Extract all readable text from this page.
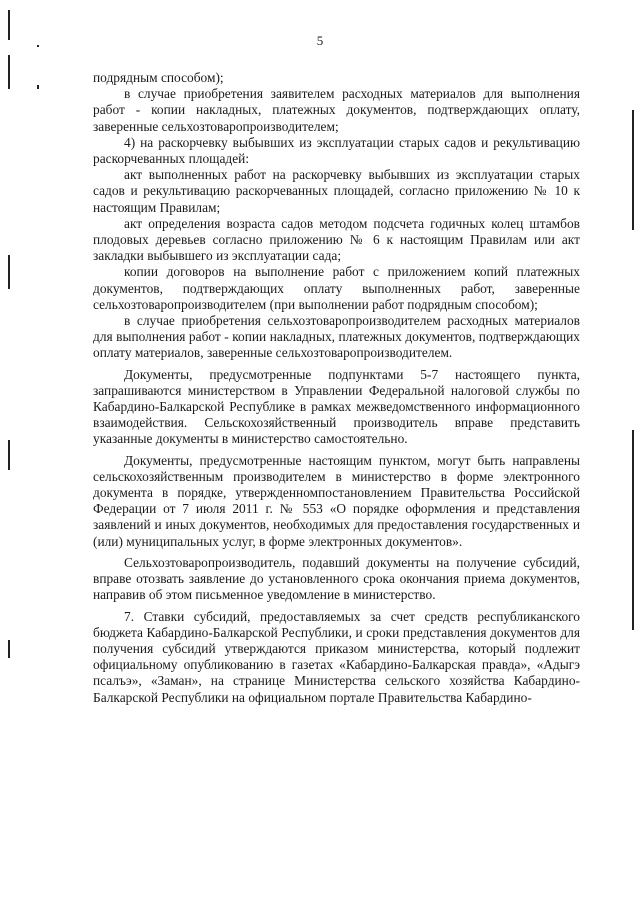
5

подрядным способом);

в случае приобретения заявителем расходных материалов для выполнения работ - копии накладных, платежных документов, подтверждающих оплату, заверенные сельхозтоваропроизводителем;

4) на раскорчевку выбывших из эксплуатации старых садов и рекультивацию раскорчеванных площадей:

акт выполненных работ на раскорчевку выбывших из эксплуатации старых садов и рекультивацию раскорчеванных площадей, согласно приложению № 10 к настоящим Правилам;

акт определения возраста садов методом подсчета годичных колец штамбов плодовых деревьев согласно приложению № 6 к настоящим Правилам или акт закладки выбывшего из эксплуатации сада;

копии договоров на выполнение работ с приложением копий платежных документов, подтверждающих оплату выполненных работ, заверенные сельхозтоваропроизводителем (при выполнении работ подрядным способом);

в случае приобретения сельхозтоваропроизводителем расходных материалов для выполнения работ - копии накладных, платежных документов, подтверждающих оплату материалов, заверенные сельхозтоваропроизводителем.

Документы, предусмотренные подпунктами 5-7 настоящего пункта, запрашиваются министерством в Управлении Федеральной налоговой службы по Кабардино-Балкарской Республике в рамках межведомственного информационного взаимодействия. Сельскохозяйственный производитель вправе представить указанные документы в министерство самостоятельно.

Документы, предусмотренные настоящим пунктом, могут быть направлены сельскохозяйственным производителем в министерство в форме электронного документа в порядке, утвержденномпостановлением Правительства Российской Федерации от 7 июля 2011 г. № 553 «О порядке оформления и представления заявлений и иных документов, необходимых для предоставления государственных и (или) муниципальных услуг, в форме электронных документов».

Сельхозтоваропроизводитель, подавший документы на получение субсидий, вправе отозвать заявление до установленного срока окончания приема документов, направив об этом письменное уведомление в министерство.

7. Ставки субсидий, предоставляемых за счет средств республиканского бюджета Кабардино-Балкарской Республики, и сроки представления документов для получения субсидий утверждаются приказом министерства, который подлежит официальному опубликованию в газетах «Кабардино-Балкарская правда», «Адыгэ псалъэ», «Заман», на странице Министерства сельского хозяйства Кабардино-Балкарской Республики на официальном портале Правительства Кабардино-
